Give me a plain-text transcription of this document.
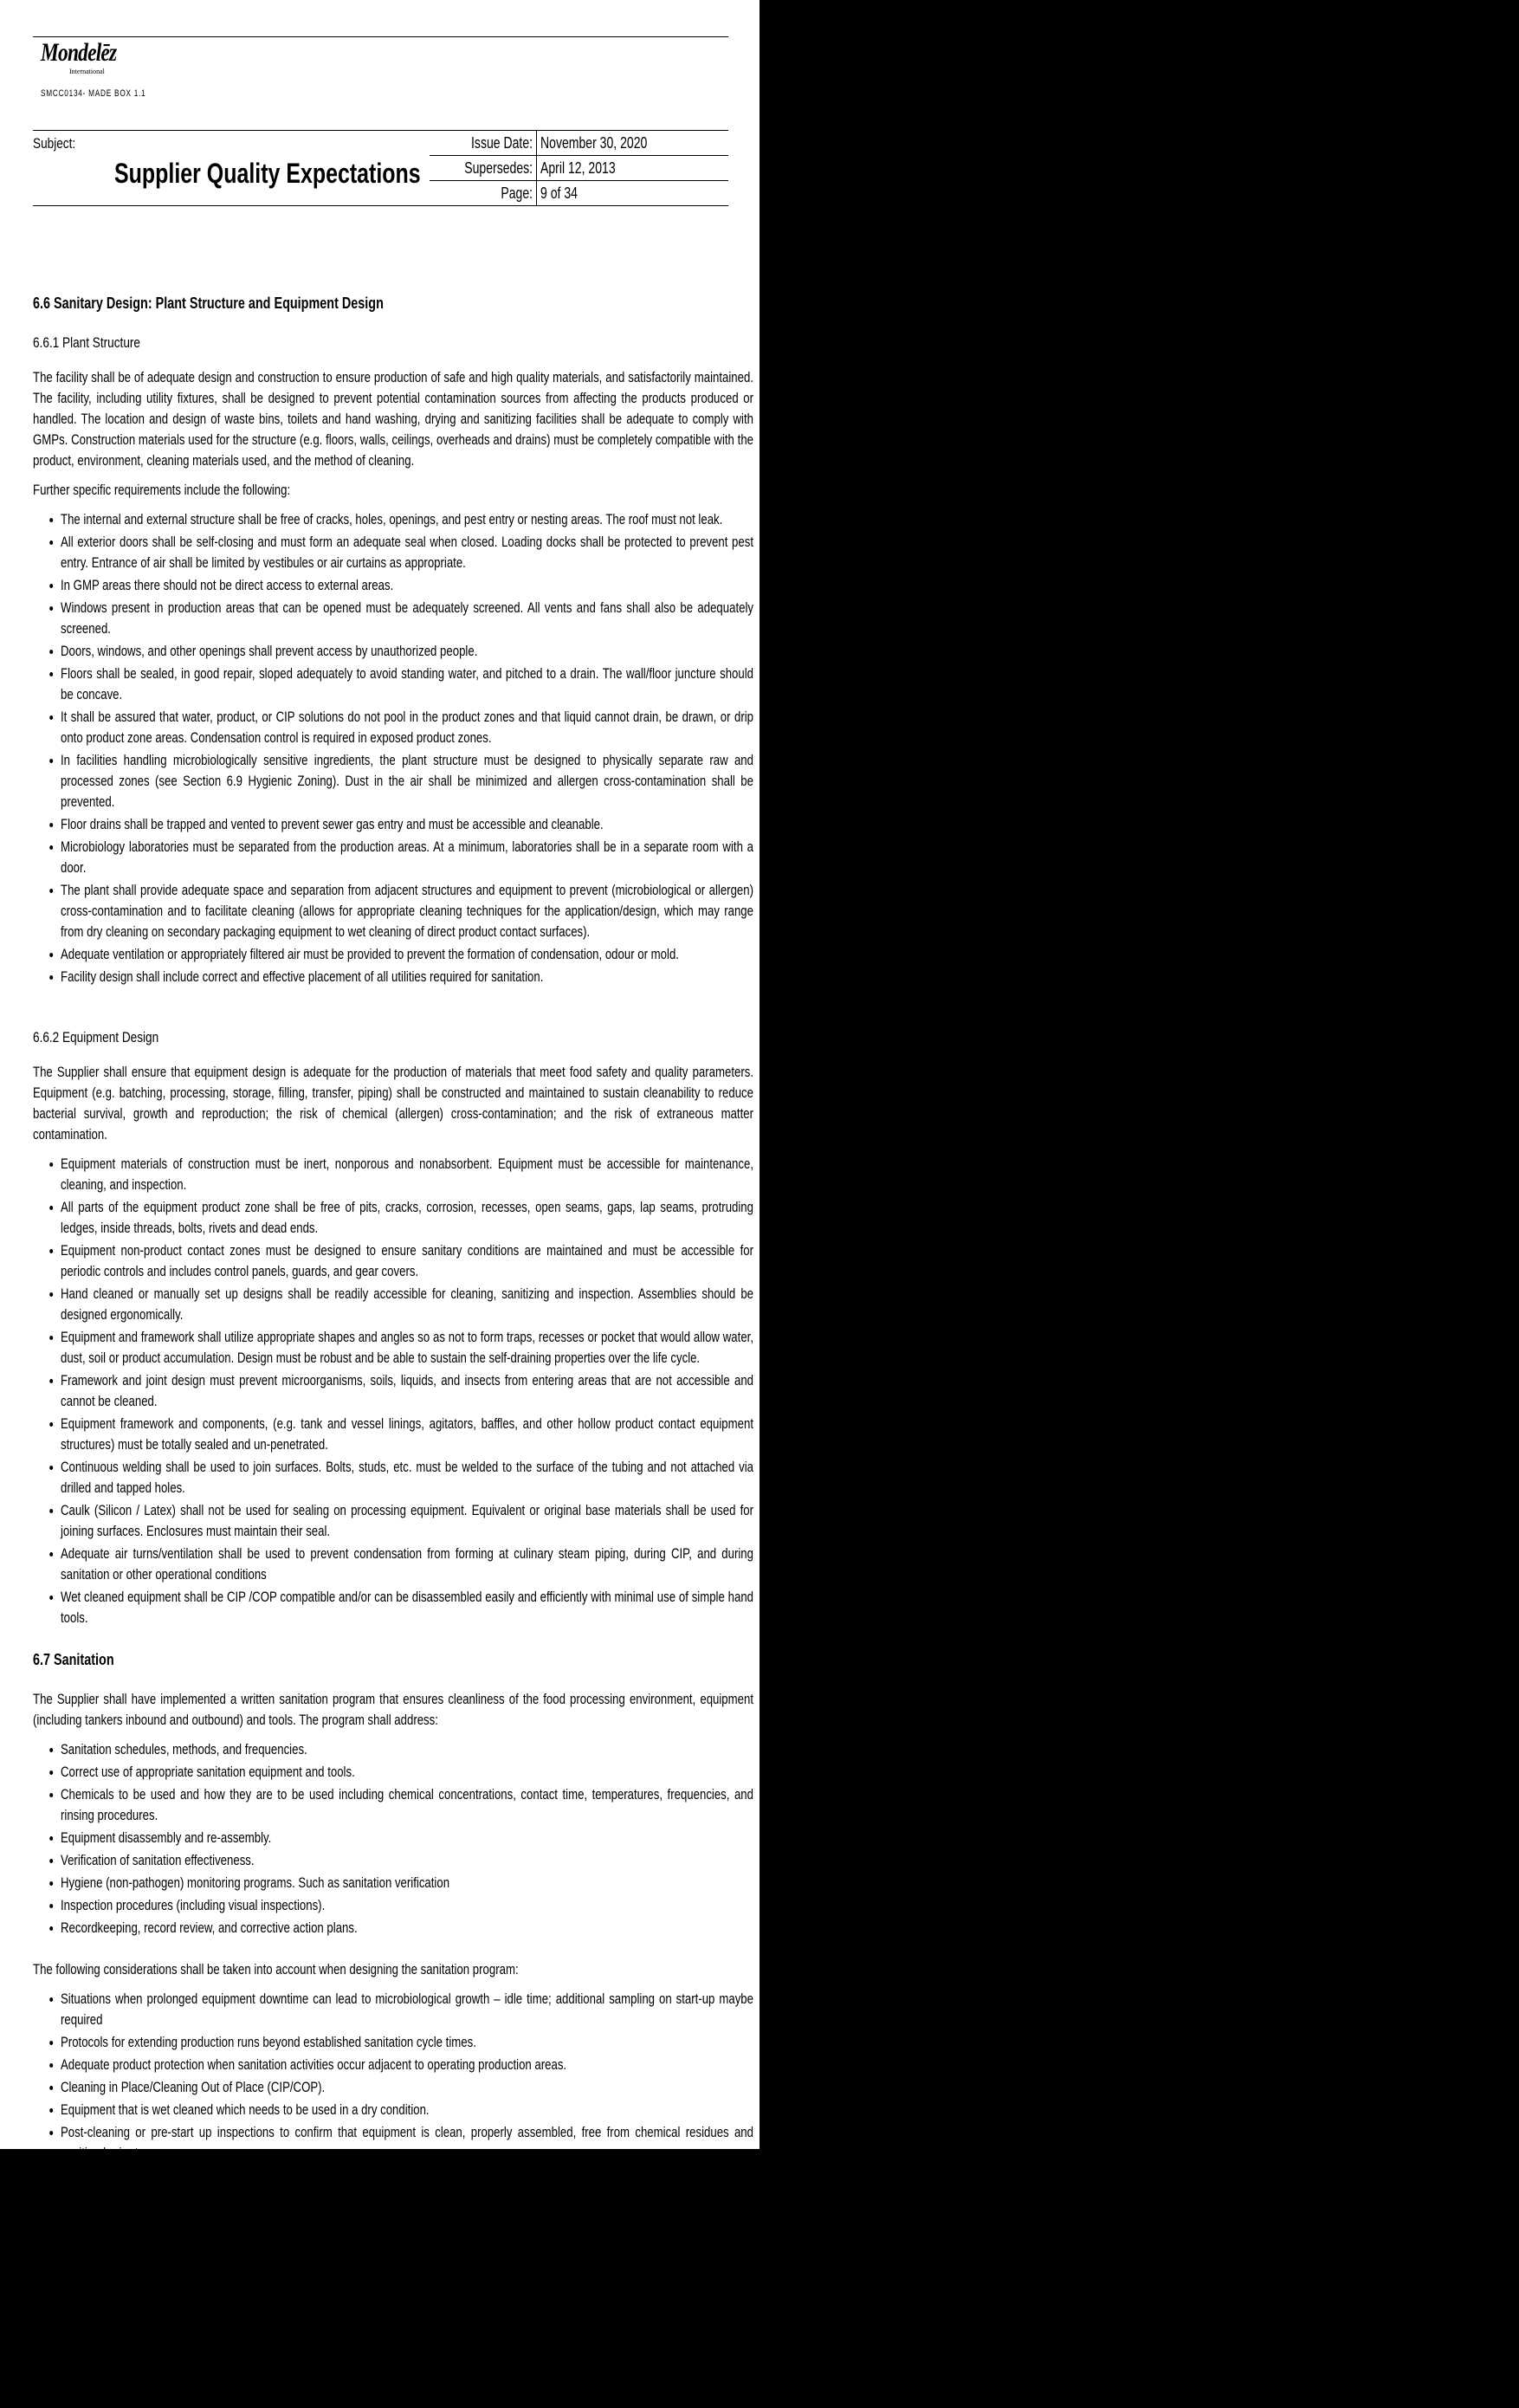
Mondelēz
International
SMCC0134- MADE BOX 1.1
Subject:
Supplier Quality Expectations
Issue Date:	November 30, 2020
Supersedes:	April 12, 2013
Page:	9 of 34
6.6 Sanitary Design: Plant Structure and Equipment Design
6.6.1 Plant Structure

The facility shall be of adequate design and construction to ensure production of safe and high quality materials, and satisfactorily maintained. The facility, including utility fixtures, shall be designed to prevent potential contamination sources from affecting the products produced or handled. The location and design of waste bins, toilets and hand washing, drying and sanitizing facilities shall be adequate to comply with GMPs. Construction materials used for the structure (e.g. floors, walls, ceilings, overheads and drains) must be completely compatible with the product, environment, cleaning materials used, and the method of cleaning.

Further specific requirements include the following:

• The internal and external structure shall be free of cracks, holes, openings, and pest entry or nesting areas. The roof must not leak.
• All exterior doors shall be self-closing and must form an adequate seal when closed. Loading docks shall be protected to prevent pest entry. Entrance of air shall be limited by vestibules or air curtains as appropriate.
• In GMP areas there should not be direct access to external areas.
• Windows present in production areas that can be opened must be adequately screened. All vents and fans shall also be adequately screened.
• Doors, windows, and other openings shall prevent access by unauthorized people.
• Floors shall be sealed, in good repair, sloped adequately to avoid standing water, and pitched to a drain. The wall/floor juncture should be concave.
• It shall be assured that water, product, or CIP solutions do not pool in the product zones and that liquid cannot drain, be drawn, or drip onto product zone areas. Condensation control is required in exposed product zones.
• In facilities handling microbiologically sensitive ingredients, the plant structure must be designed to physically separate raw and processed zones (see Section 6.9 Hygienic Zoning). Dust in the air shall be minimized and allergen cross-contamination shall be prevented.
• Floor drains shall be trapped and vented to prevent sewer gas entry and must be accessible and cleanable.
• Microbiology laboratories must be separated from the production areas. At a minimum, laboratories shall be in a separate room with a door.
• The plant shall provide adequate space and separation from adjacent structures and equipment to prevent (microbiological or allergen) cross-contamination and to facilitate cleaning (allows for appropriate cleaning techniques for the application/design, which may range from dry cleaning on secondary packaging equipment to wet cleaning of direct product contact surfaces).
• Adequate ventilation or appropriately filtered air must be provided to prevent the formation of condensation, odour or mold.
• Facility design shall include correct and effective placement of all utilities required for sanitation.
6.6.2 Equipment Design

The Supplier shall ensure that equipment design is adequate for the production of materials that meet food safety and quality parameters. Equipment (e.g. batching, processing, storage, filling, transfer, piping) shall be constructed and maintained to sustain cleanability to reduce bacterial survival, growth and reproduction; the risk of chemical (allergen) cross-contamination; and the risk of extraneous matter contamination.

• Equipment materials of construction must be inert, nonporous and nonabsorbent. Equipment must be accessible for maintenance, cleaning, and inspection.
• All parts of the equipment product zone shall be free of pits, cracks, corrosion, recesses, open seams, gaps, lap seams, protruding ledges, inside threads, bolts, rivets and dead ends.
• Equipment non-product contact zones must be designed to ensure sanitary conditions are maintained and must be accessible for periodic controls and includes control panels, guards, and gear covers.
• Hand cleaned or manually set up designs shall be readily accessible for cleaning, sanitizing and inspection. Assemblies should be designed ergonomically.
• Equipment and framework shall utilize appropriate shapes and angles so as not to form traps, recesses or pocket that would allow water, dust, soil or product accumulation. Design must be robust and be able to sustain the self-draining properties over the life cycle.
• Framework and joint design must prevent microorganisms, soils, liquids, and insects from entering areas that are not accessible and cannot be cleaned.
• Equipment framework and components, (e.g. tank and vessel linings, agitators, baffles, and other hollow product contact equipment structures) must be totally sealed and un-penetrated.
• Continuous welding shall be used to join surfaces. Bolts, studs, etc. must be welded to the surface of the tubing and not attached via drilled and tapped holes.
• Caulk (Silicon / Latex) shall not be used for sealing on processing equipment. Equivalent or original base materials shall be used for joining surfaces. Enclosures must maintain their seal.
• Adequate air turns/ventilation shall be used to prevent condensation from forming at culinary steam piping, during CIP, and during sanitation or other operational conditions
• Wet cleaned equipment shall be CIP /COP compatible and/or can be disassembled easily and efficiently with minimal use of simple hand tools.
6.7 Sanitation

The Supplier shall have implemented a written sanitation program that ensures cleanliness of the food processing environment, equipment (including tankers inbound and outbound) and tools. The program shall address:

• Sanitation schedules, methods, and frequencies.
• Correct use of appropriate sanitation equipment and tools.
• Chemicals to be used and how they are to be used including chemical concentrations, contact time, temperatures, frequencies, and rinsing procedures.
• Equipment disassembly and re-assembly.
• Verification of sanitation effectiveness.
• Hygiene (non-pathogen) monitoring programs. Such as sanitation verification
• Inspection procedures (including visual inspections).
• Recordkeeping, record review, and corrective action plans.

The following considerations shall be taken into account when designing the sanitation program:

• Situations when prolonged equipment downtime can lead to microbiological growth – idle time; additional sampling on start-up maybe required
• Protocols for extending production runs beyond established sanitation cycle times.
• Adequate product protection when sanitation activities occur adjacent to operating production areas.
• Cleaning in Place/Cleaning Out of Place (CIP/COP).
• Equipment that is wet cleaned which needs to be used in a dry condition.
• Post-cleaning or pre-start up inspections to confirm that equipment is clean, properly assembled, free from chemical residues and sanitized prior to use.
• Periodic cleaning of overhead structures, including scheduled frequencies and documentation.
• Floor drain sanitation, including a facility map with the exact location of each drain. High pressure hoses shall not be used, and cleaning of drains must not be performed during production or present a risk to product. The activity should be performed by a dedicated operator to prevent cross-contamination to other cleaning activities and equipment.
• Use of cleaning and sanitizing products, which are suitable for the food industry.
• Calibration of sanitation-related measurement devices (e.g., thermometers, gauges and meters).

Proper tools and materials must be used to prevent extraneous matter, microbiological and/or chemical contamination of the product. Items that are known to be potential sources of contamination must be prohibited. Brushes and utensils for cleaning food contact surfaces shall be clearly identified (e.g., labeled and/or color coded) and stored separately from non-food contact tools. Floor drain cleaning brushes and equipment shall be clearly identified as such and maintained separately from other cleaning
